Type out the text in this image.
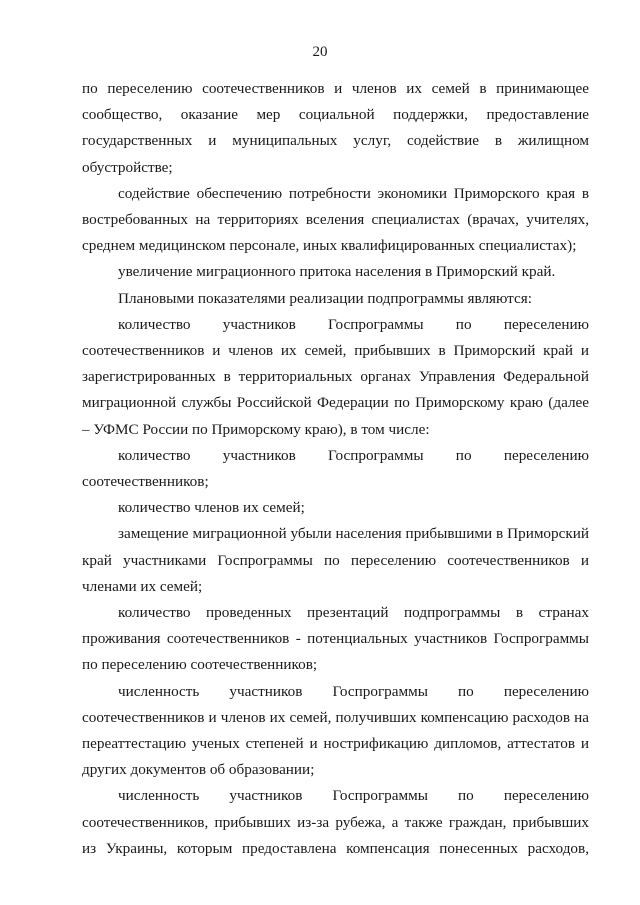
20

по переселению соотечественников и членов их семей в принимающее сообщество, оказание мер социальной поддержки, предоставление государственных и муниципальных услуг, содействие в жилищном обустройстве;

содействие обеспечению потребности экономики Приморского края в востребованных на территориях вселения специалистах (врачах, учителях, среднем медицинском персонале, иных квалифицированных специалистах);

увеличение миграционного притока населения в Приморский край.

Плановыми показателями реализации подпрограммы являются:

количество участников Госпрограммы по переселению соотечественников и членов их семей, прибывших в Приморский край и зарегистрированных в территориальных органах Управления Федеральной миграционной службы Российской Федерации по Приморскому краю (далее – УФМС России по Приморскому краю), в том числе:

количество участников Госпрограммы по переселению соотечественников;

количество членов их семей;

замещение миграционной убыли населения прибывшими в Приморский край участниками Госпрограммы по переселению соотечественников и членами их семей;

количество проведенных презентаций подпрограммы в странах проживания соотечественников - потенциальных участников Госпрограммы по переселению соотечественников;

численность участников Госпрограммы по переселению соотечественников и членов их семей, получивших компенсацию расходов на переаттестацию ученых степеней и нострификацию дипломов, аттестатов и других документов об образовании;

численность участников Госпрограммы по переселению соотечественников, прибывших из-за рубежа, а также граждан, прибывших из Украины, которым предоставлена компенсация понесенных расходов,
